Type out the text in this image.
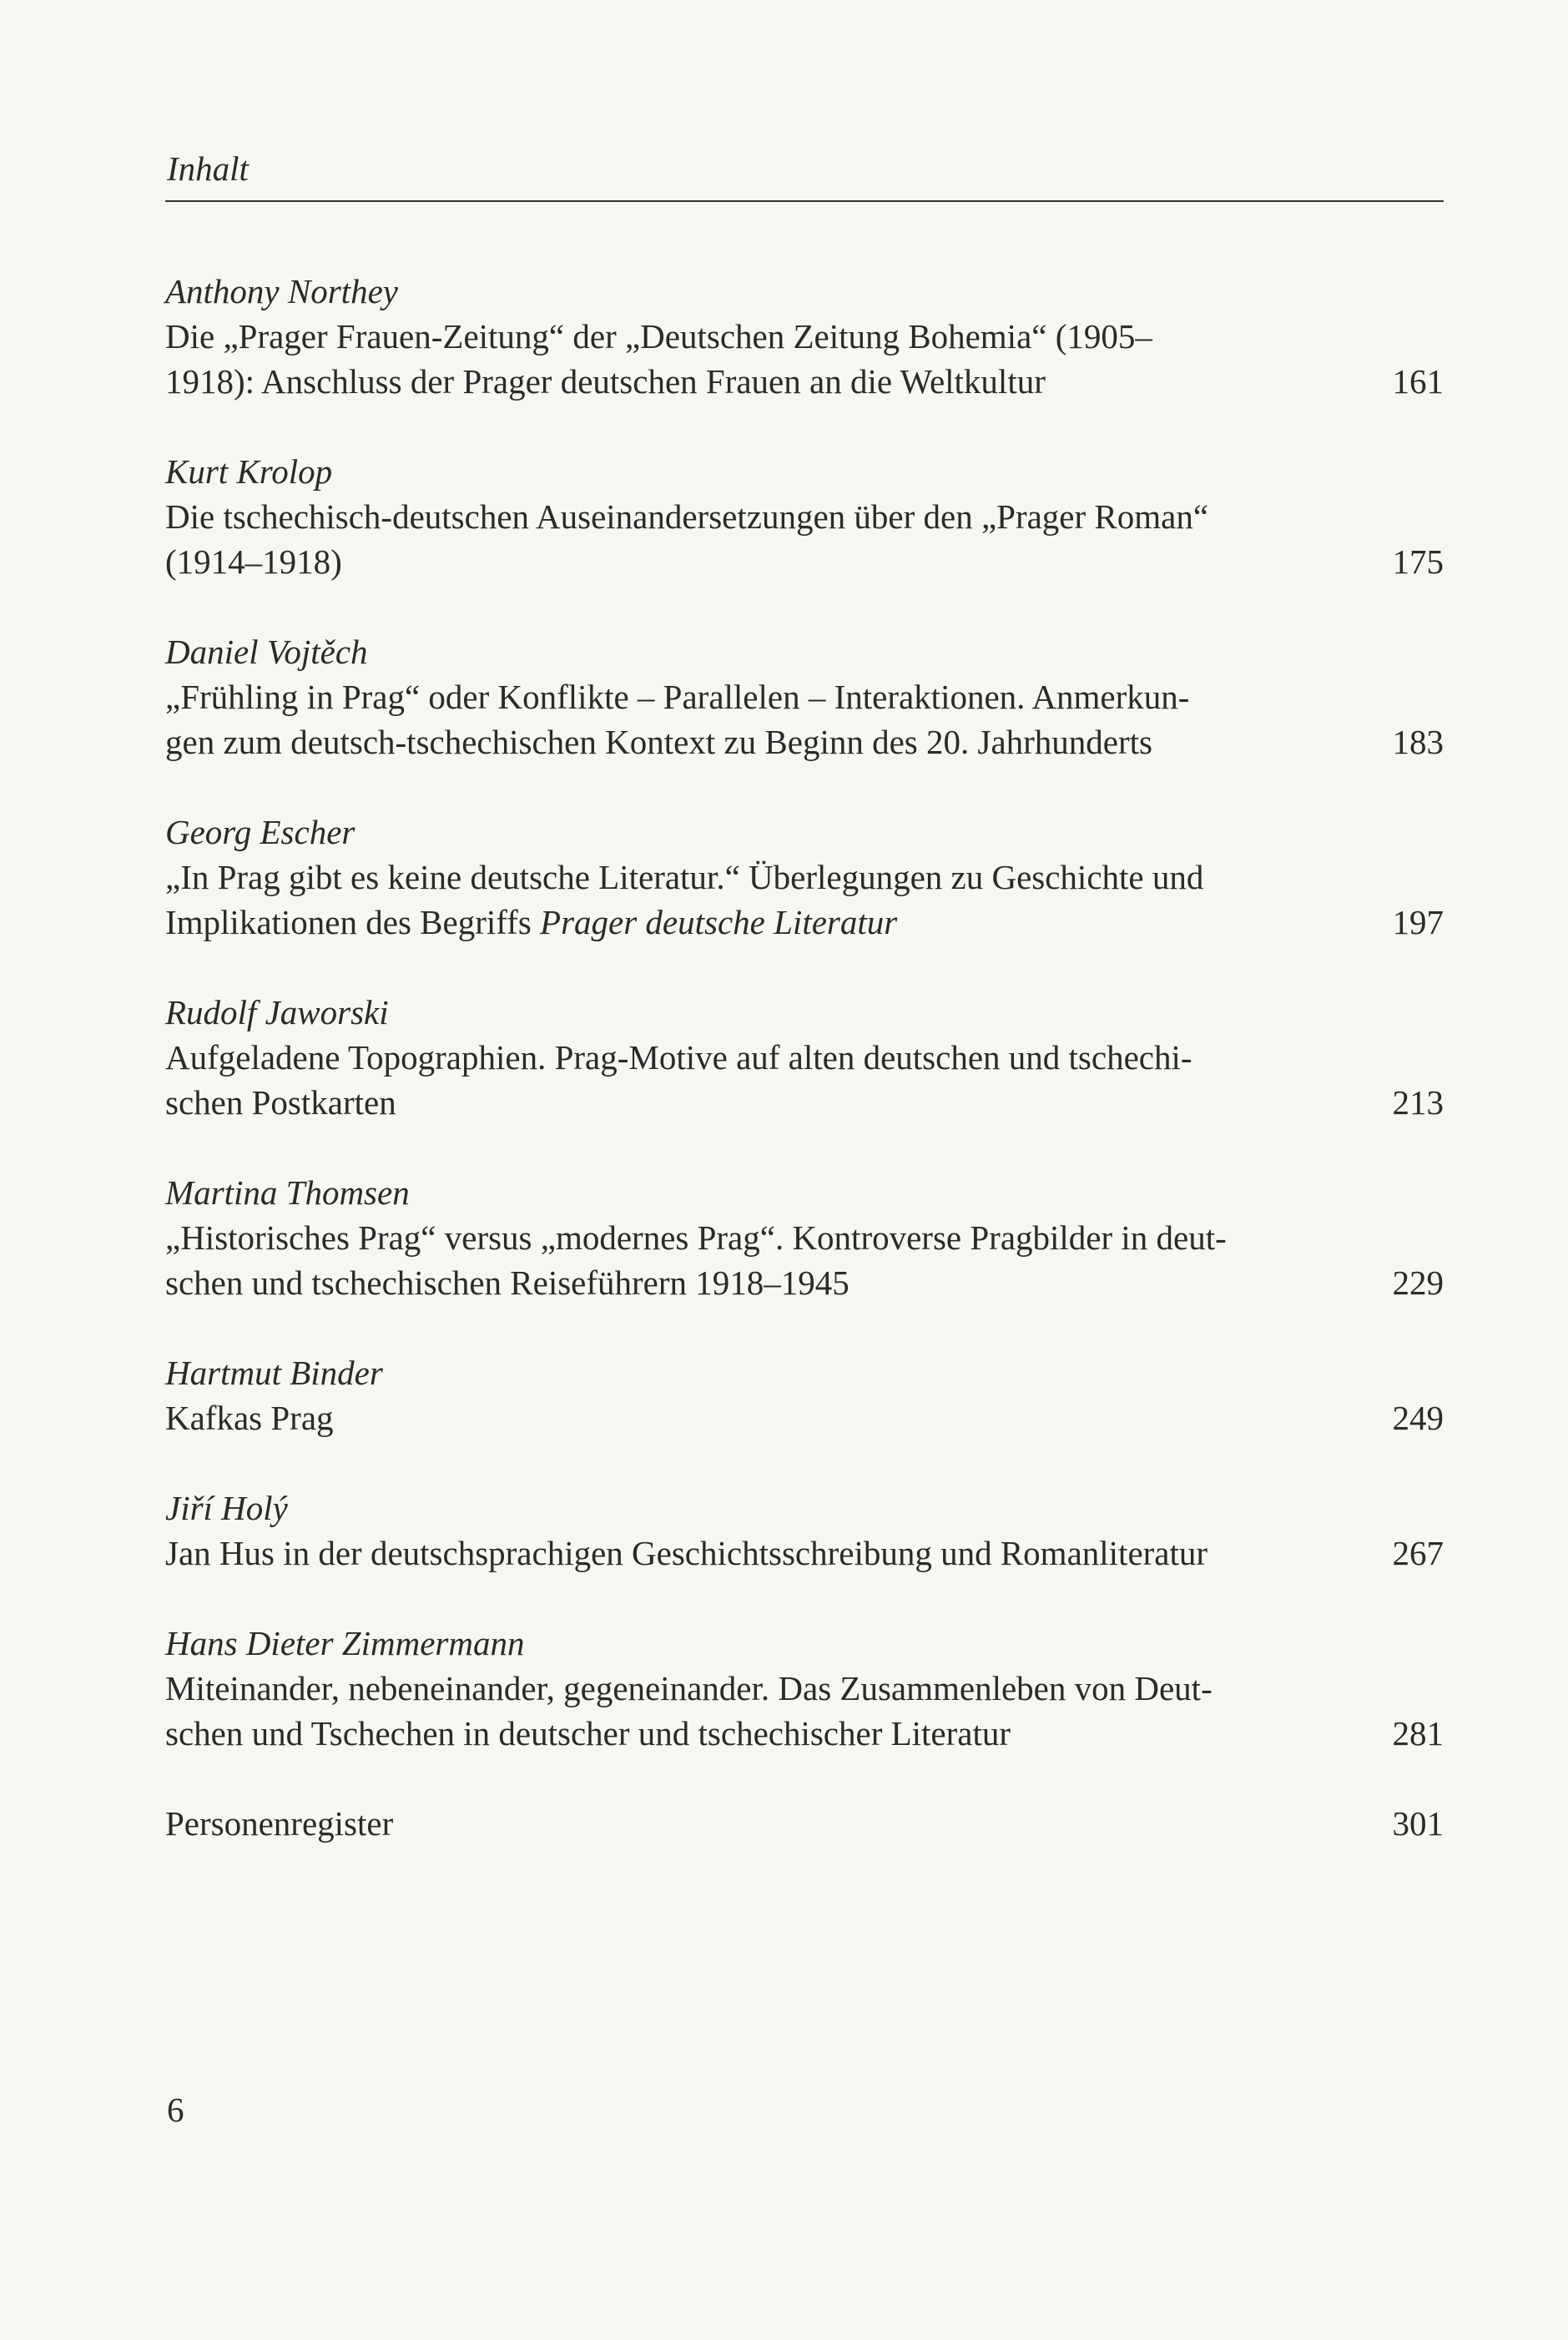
Inhalt
Anthony Northey
Die „Prager Frauen-Zeitung“ der „Deutschen Zeitung Bohemia“ (1905–
1918): Anschluss der Prager deutschen Frauen an die Weltkultur	161
Kurt Krolop
Die tschechisch-deutschen Auseinandersetzungen über den „Prager Roman“
(1914–1918)	175
Daniel Vojtěch
„Frühling in Prag“ oder Konflikte – Parallelen – Interaktionen. Anmerkun-
gen zum deutsch-tschechischen Kontext zu Beginn des 20. Jahrhunderts	183
Georg Escher
„In Prag gibt es keine deutsche Literatur.“ Überlegungen zu Geschichte und
Implikationen des Begriffs Prager deutsche Literatur	197
Rudolf Jaworski
Aufgeladene Topographien. Prag-Motive auf alten deutschen und tschechi-
schen Postkarten	213
Martina Thomsen
„Historisches Prag“ versus „modernes Prag“. Kontroverse Pragbilder in deut-
schen und tschechischen Reiseführern 1918–1945	229
Hartmut Binder
Kafkas Prag	249
Jiří Holý
Jan Hus in der deutschsprachigen Geschichtsschreibung und Romanliteratur	267
Hans Dieter Zimmermann
Miteinander, nebeneinander, gegeneinander. Das Zusammenleben von Deut-
schen und Tschechen in deutscher und tschechischer Literatur	281
Personenregister	301
6
